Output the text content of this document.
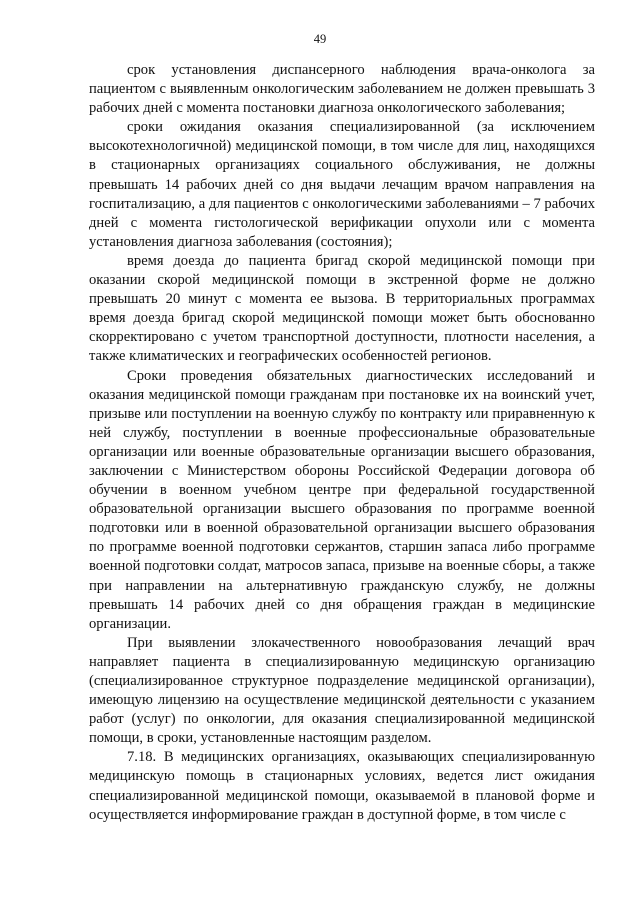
49

срок установления диспансерного наблюдения врача-онколога за пациентом с выявленным онкологическим заболеванием не должен превышать 3 рабочих дней с момента постановки диагноза онкологического заболевания;

сроки ожидания оказания специализированной (за исключением высокотехнологичной) медицинской помощи, в том числе для лиц, находящихся в стационарных организациях социального обслуживания, не должны превышать 14 рабочих дней со дня выдачи лечащим врачом направления на госпитализацию, а для пациентов с онкологическими заболеваниями – 7 рабочих дней с момента гистологической верификации опухоли или с момента установления диагноза заболевания (состояния);

время доезда до пациента бригад скорой медицинской помощи при оказании скорой медицинской помощи в экстренной форме не должно превышать 20 минут с момента ее вызова. В территориальных программах время доезда бригад скорой медицинской помощи может быть обоснованно скорректировано с учетом транспортной доступности, плотности населения, а также климатических и географических особенностей регионов.

Сроки проведения обязательных диагностических исследований и оказания медицинской помощи гражданам при постановке их на воинский учет, призыве или поступлении на военную службу по контракту или приравненную к ней службу, поступлении в военные профессиональные образовательные организации или военные образовательные организации высшего образования, заключении с Министерством обороны Российской Федерации договора об обучении в военном учебном центре при федеральной государственной образовательной организации высшего образования по программе военной подготовки или в военной образовательной организации высшего образования по программе военной подготовки сержантов, старшин запаса либо программе военной подготовки солдат, матросов запаса, призыве на военные сборы, а также при направлении на альтернативную гражданскую службу, не должны превышать 14 рабочих дней со дня обращения граждан в медицинские организации.

При выявлении злокачественного новообразования лечащий врач направляет пациента в специализированную медицинскую организацию (специализированное структурное подразделение медицинской организации), имеющую лицензию на осуществление медицинской деятельности с указанием работ (услуг) по онкологии, для оказания специализированной медицинской помощи, в сроки, установленные настоящим разделом.

7.18. В медицинских организациях, оказывающих специализированную медицинскую помощь в стационарных условиях, ведется лист ожидания специализированной медицинской помощи, оказываемой в плановой форме и осуществляется информирование граждан в доступной форме, в том числе с
